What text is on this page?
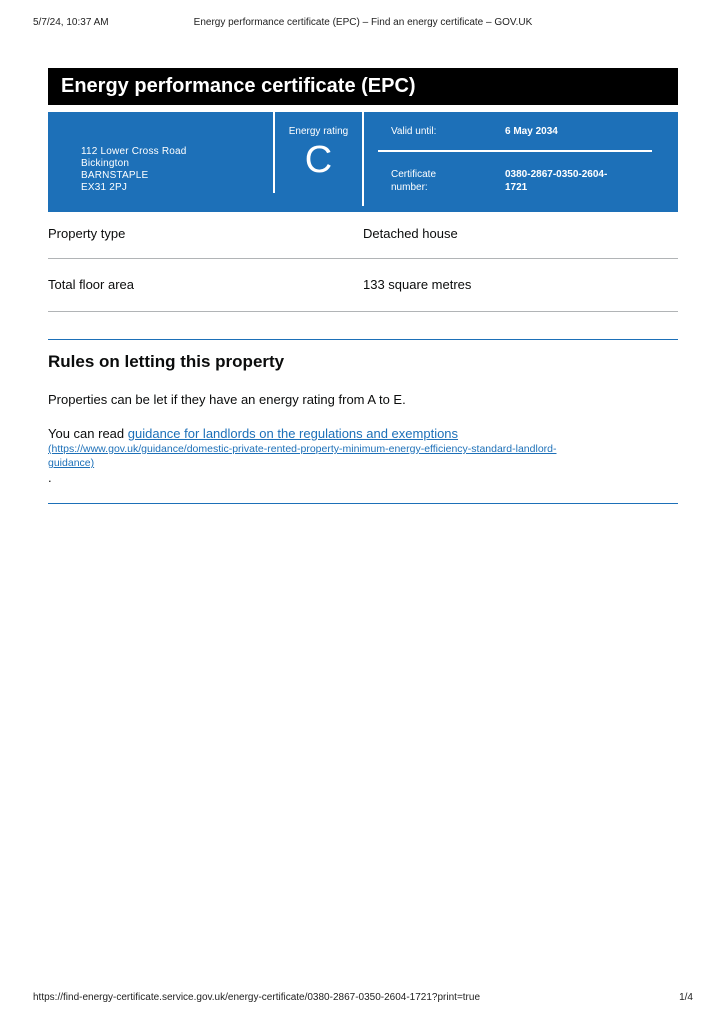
5/7/24, 10:37 AM	Energy performance certificate (EPC) – Find an energy certificate – GOV.UK
Energy performance certificate (EPC)
112 Lower Cross Road
Bickington
BARNSTAPLE
EX31 2PJ
Energy rating
C
Valid until:	6 May 2034
Certificate number:
0380-2867-0350-2604-
1721
Property type	Detached house
Total floor area	133 square metres
Rules on letting this property
Properties can be let if they have an energy rating from A to E.
You can read guidance for landlords on the regulations and exemptions
(https://www.gov.uk/guidance/domestic-private-rented-property-minimum-energy-efficiency-standard-landlord-
guidance)
.
https://find-energy-certificate.service.gov.uk/energy-certificate/0380-2867-0350-2604-1721?print=true	1/4
